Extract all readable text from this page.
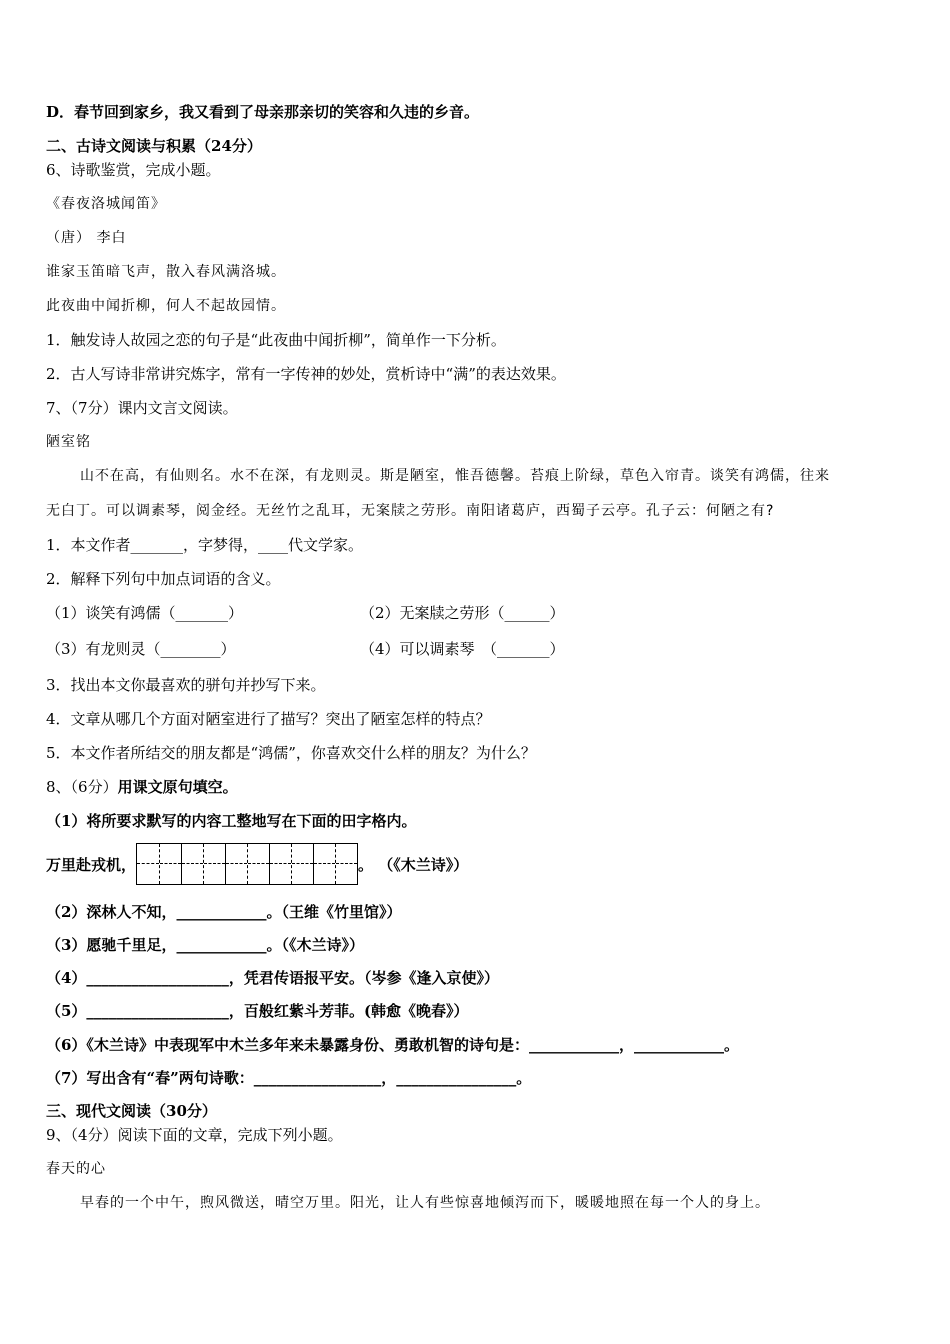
D．春节回到家乡，我又看到了母亲那亲切的笑容和久违的乡音。
二、古诗文阅读与积累（24分）
6、诗歌鉴赏，完成小题。
《春夜洛城闻笛》
（唐） 李白
谁家玉笛暗飞声，散入春风满洛城。
此夜曲中闻折柳，何人不起故园情。
1．触发诗人故园之恋的句子是“此夜曲中闻折柳”，简单作一下分析。
2．古人写诗非常讲究炼字，常有一字传神的妙处，赏析诗中“满”的表达效果。
7、（7分）课内文言文阅读。
陋室铭
山不在高，有仙则名。水不在深，有龙则灵。斯是陋室，惟吾德馨。苔痕上阶绿，草色入帘青。谈笑有鸿儒，往来
无白丁。可以调素琴，阅金经。无丝竹之乱耳，无案牍之劳形。南阳诸葛庐，西蜀子云亭。孔子云：何陋之有?
1．本文作者_______，字梦得，____代文学家。
2．解释下列句中加点词语的含义。
（1）谈笑有鸿儒（_______）	（2）无案牍之劳形（______）
（3）有龙则灵（________）	（4）可以调素琴　（_______）
3．找出本文你最喜欢的骈句并抄写下来。
4．文章从哪几个方面对陋室进行了描写？突出了陋室怎样的特点？
5．本文作者所结交的朋友都是“鸿儒”，你喜欢交什么样的朋友？为什么？
8、（6分）用课文原句填空。
（1）将所要求默写的内容工整地写在下面的田字格内。
万里赴戎机，	。 （《木兰诗》）
（2）深林人不知，____________。（王维《竹里馆》）
（3）愿驰千里足，____________。（《木兰诗》）
（4）___________________，凭君传语报平安。（岑参《逢入京使》）
（5）___________________，百般红紫斗芳菲。(韩愈《晚春》）
（6）《木兰诗》中表现军中木兰多年来未暴露身份、勇敢机智的诗句是：____________，____________。
（7）写出含有“春”两句诗歌：_________________，________________。
三、现代文阅读（30分）
9、（4分）阅读下面的文章，完成下列小题。
春天的心
早春的一个中午，煦风微送，晴空万里。阳光，让人有些惊喜地倾泻而下，暖暖地照在每一个人的身上。
